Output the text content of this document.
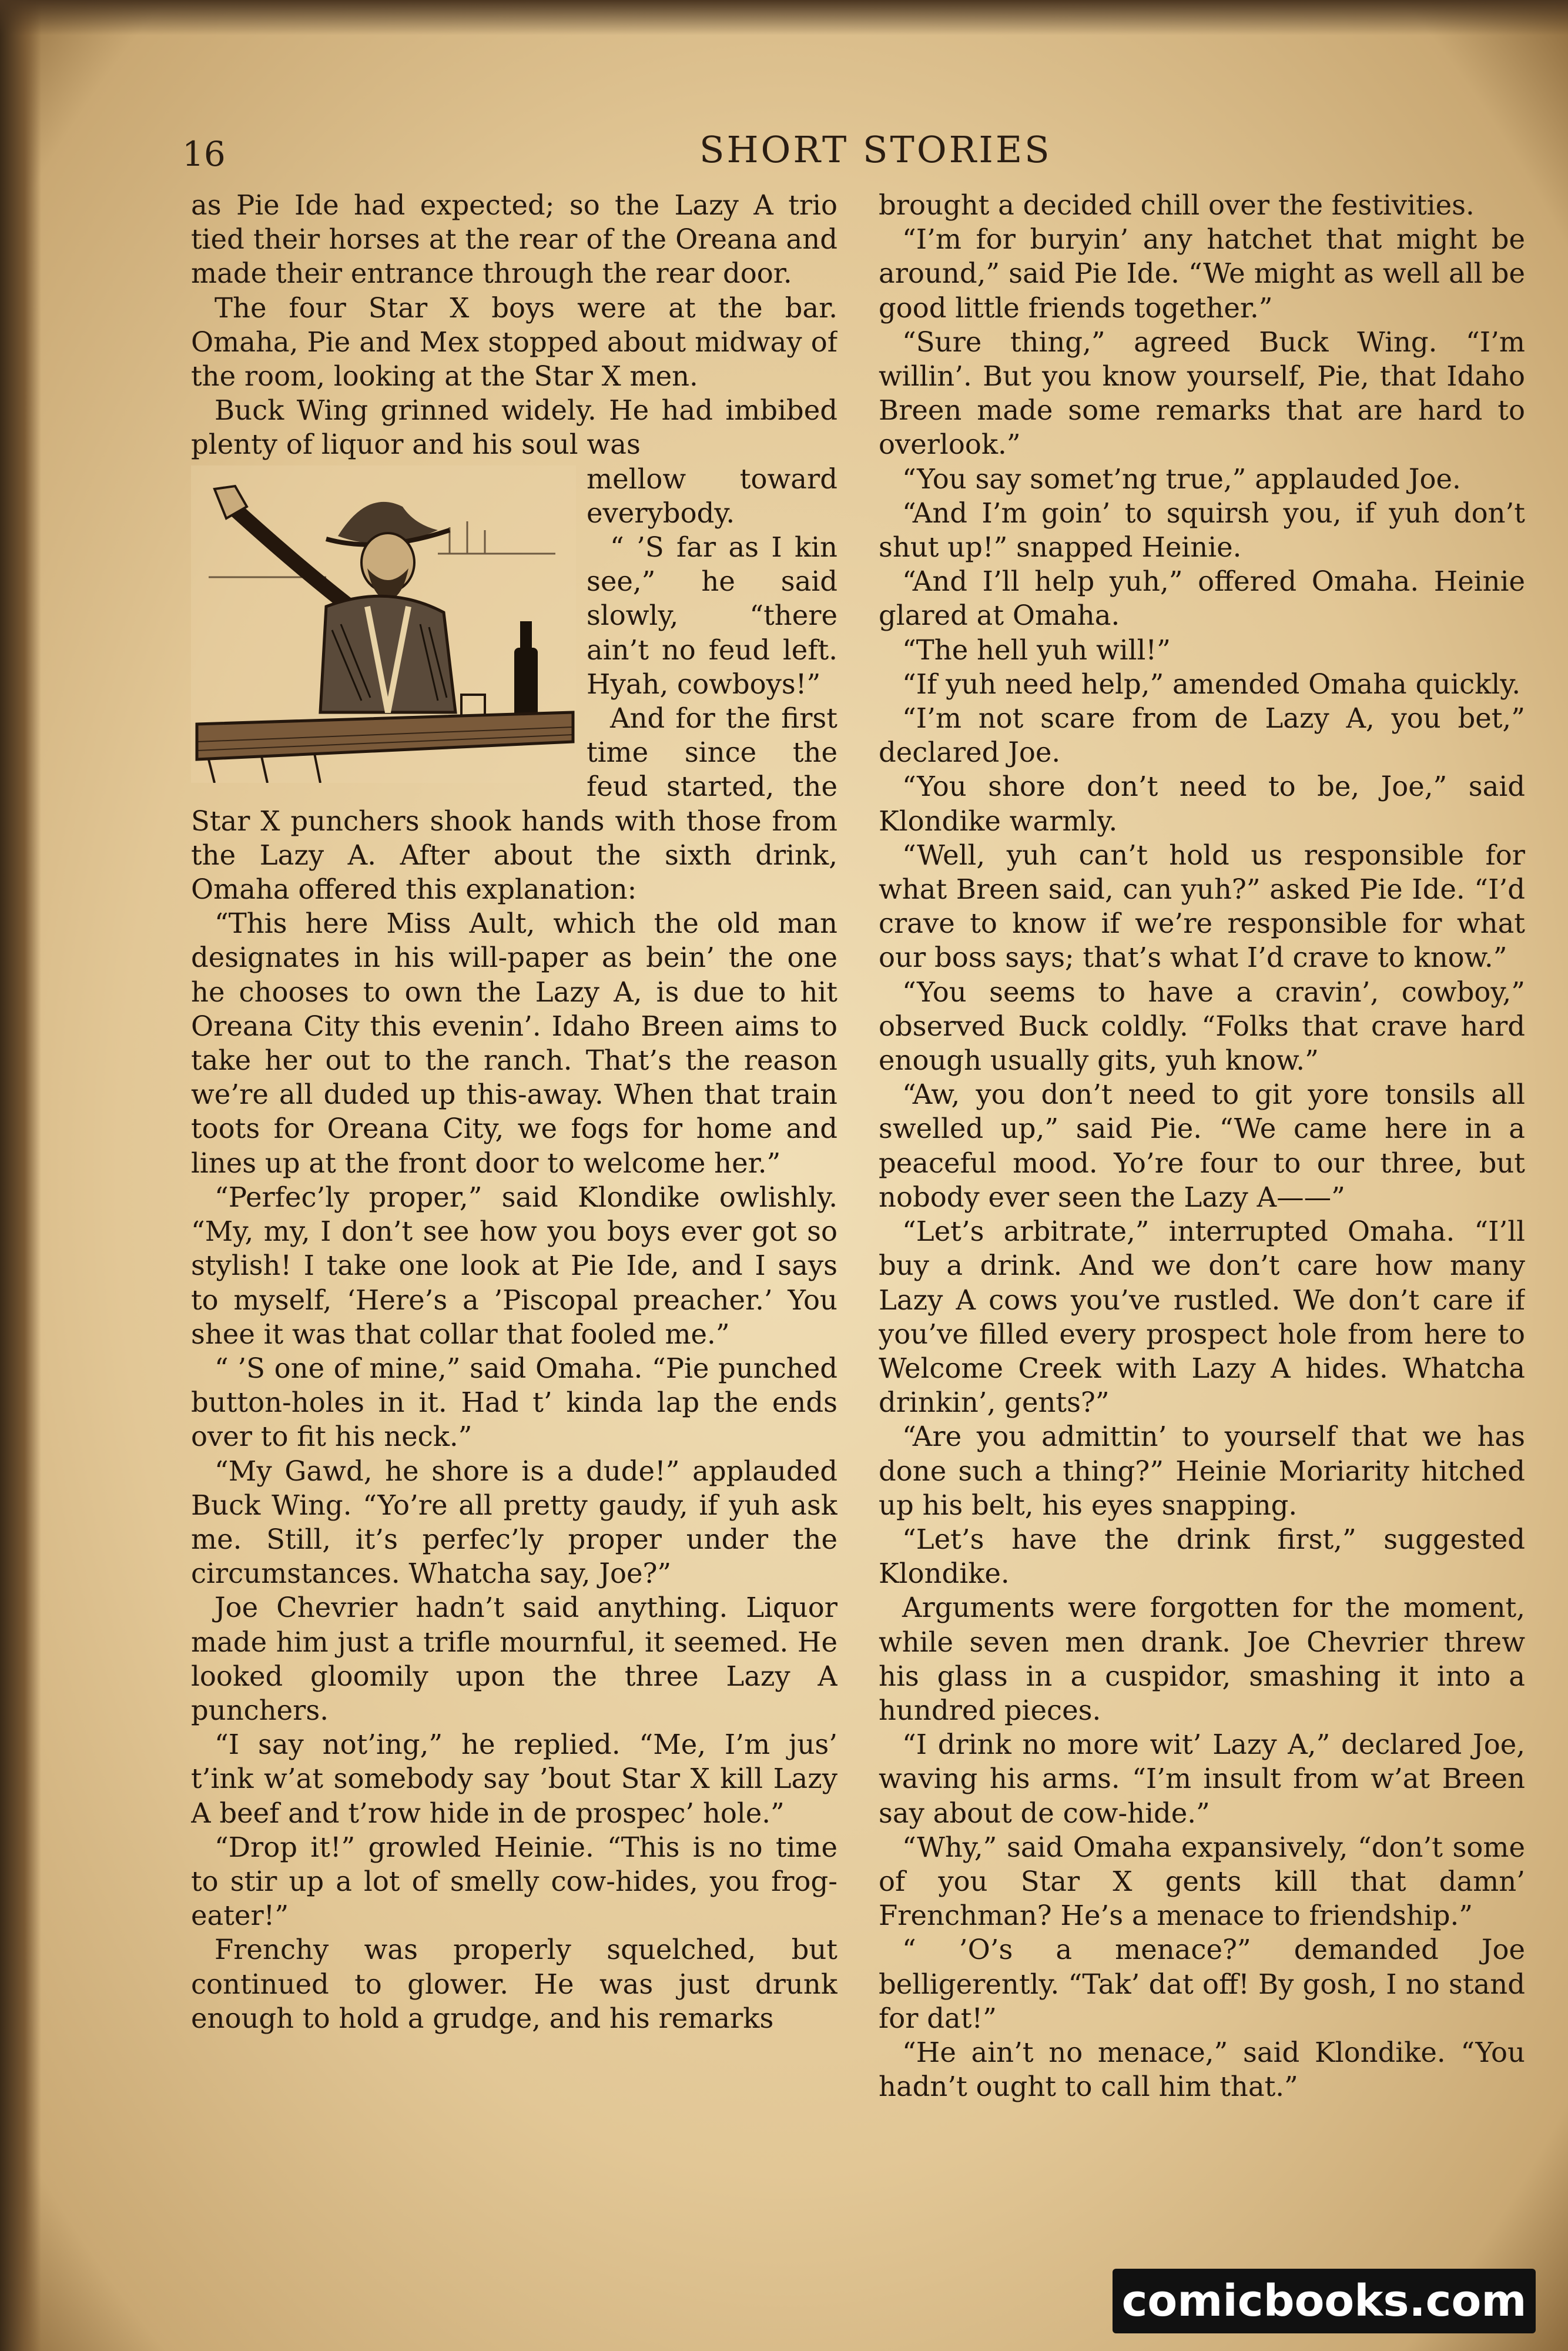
16	SHORT STORIES

as Pie Ide had expected; so the Lazy A trio tied their horses at the rear of the Oreana and made their entrance through the rear door.

The four Star X boys were at the bar. Omaha, Pie and Mex stopped about midway of the room, looking at the Star X men.

Buck Wing grinned widely. He had imbibed plenty of liquor and his soul was

mellow toward everybody.

“ ’S far as I kin see,” he said slowly, “there ain’t no feud left. Hyah, cowboys!”

And for the first time since the feud started, the Star X punchers shook hands with those from the Lazy A. After about the sixth drink, Omaha offered this explanation:

“This here Miss Ault, which the old man designates in his will-paper as bein’ the one he chooses to own the Lazy A, is due to hit Oreana City this evenin’. Idaho Breen aims to take her out to the ranch. That’s the reason we’re all duded up this-away. When that train toots for Oreana City, we fogs for home and lines up at the front door to welcome her.”

“Perfec’ly proper,” said Klondike owlishly. “My, my, I don’t see how you boys ever got so stylish! I take one look at Pie Ide, and I says to myself, ‘Here’s a ’Piscopal preacher.’ You shee it was that collar that fooled me.”

“ ’S one of mine,” said Omaha. “Pie punched button-holes in it. Had t’ kinda lap the ends over to fit his neck.”

“My Gawd, he shore is a dude!” applauded Buck Wing. “Yo’re all pretty gaudy, if yuh ask me. Still, it’s perfec’ly proper under the circumstances. Whatcha say, Joe?”

Joe Chevrier hadn’t said anything. Liquor made him just a trifle mournful, it seemed. He looked gloomily upon the three Lazy A punchers.

“I say not’ing,” he replied. “Me, I’m jus’ t’ink w’at somebody say ’bout Star X kill Lazy A beef and t’row hide in de prospec’ hole.”

“Drop it!” growled Heinie. “This is no time to stir up a lot of smelly cow-hides, you frog-eater!”

Frenchy was properly squelched, but continued to glower. He was just drunk enough to hold a grudge, and his remarks

brought a decided chill over the festivities.

“I’m for buryin’ any hatchet that might be around,” said Pie Ide. “We might as well all be good little friends together.”

“Sure thing,” agreed Buck Wing. “I’m willin’. But you know yourself, Pie, that Idaho Breen made some remarks that are hard to overlook.”

“You say somet’ng true,” applauded Joe.

“And I’m goin’ to squirsh you, if yuh don’t shut up!” snapped Heinie.

“And I’ll help yuh,” offered Omaha. Heinie glared at Omaha.

“The hell yuh will!”

“If yuh need help,” amended Omaha quickly.

“I’m not scare from de Lazy A, you bet,” declared Joe.

“You shore don’t need to be, Joe,” said Klondike warmly.

“Well, yuh can’t hold us responsible for what Breen said, can yuh?” asked Pie Ide. “I’d crave to know if we’re responsible for what our boss says; that’s what I’d crave to know.”

“You seems to have a cravin’, cowboy,” observed Buck coldly. “Folks that crave hard enough usually gits, yuh know.”

“Aw, you don’t need to git yore tonsils all swelled up,” said Pie. “We came here in a peaceful mood. Yo’re four to our three, but nobody ever seen the Lazy A——”

“Let’s arbitrate,” interrupted Omaha. “I’ll buy a drink. And we don’t care how many Lazy A cows you’ve rustled. We don’t care if you’ve filled every prospect hole from here to Welcome Creek with Lazy A hides. Whatcha drinkin’, gents?”

“Are you admittin’ to yourself that we has done such a thing?” Heinie Moriarity hitched up his belt, his eyes snapping.

“Let’s have the drink first,” suggested Klondike.

Arguments were forgotten for the moment, while seven men drank. Joe Chevrier threw his glass in a cuspidor, smashing it into a hundred pieces.

“I drink no more wit’ Lazy A,” declared Joe, waving his arms. “I’m insult from w’at Breen say about de cow-hide.”

“Why,” said Omaha expansively, “don’t some of you Star X gents kill that damn’ Frenchman? He’s a menace to friendship.”

“ ’O’s a menace?” demanded Joe belligerently. “Tak’ dat off! By gosh, I no stand for dat!”

“He ain’t no menace,” said Klondike. “You hadn’t ought to call him that.”

comicbooks.com
